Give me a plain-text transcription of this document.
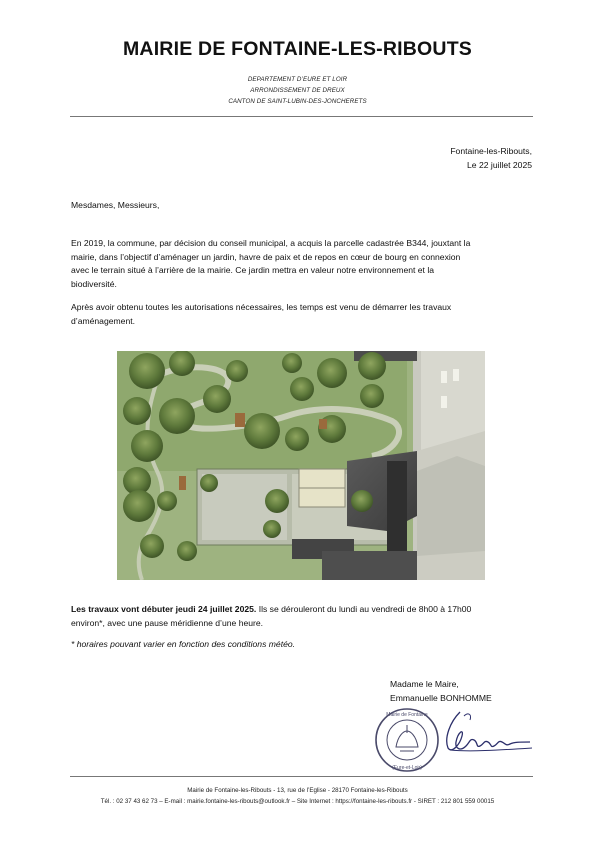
MAIRIE DE FONTAINE-LES-RIBOUTS
DEPARTEMENT D’EURE ET LOIR
ARRONDISSEMENT DE DREUX
CANTON DE SAINT-LUBIN-DES-JONCHERETS
Fontaine-les-Ribouts,
Le 22 juillet 2025
Mesdames, Messieurs,
En 2019, la commune, par décision du conseil municipal, a acquis la parcelle cadastrée B344, jouxtant la
mairie, dans l’objectif d’aménager un jardin, havre de paix et de repos en cœur de bourg en connexion
avec le terrain situé à l’arrière de la mairie. Ce jardin mettra en valeur notre environnement et la
biodiversité.
Après avoir obtenu toutes les autorisations nécessaires, les temps est venu de démarrer les travaux
d’aménagement.
Les travaux vont débuter jeudi 24 juillet 2025. Ils se dérouleront du lundi au vendredi de 8h00 à 17h00
environ*, avec une pause méridienne d’une heure.
* horaires pouvant varier en fonction des conditions météo.
Madame le Maire,
Emmanuelle BONHOMME
Mairie de Fontaine
(Eure-et-Loir)
Mairie de Fontaine-les-Ribouts - 13, rue de l’Eglise - 28170 Fontaine-les-Ribouts
Tél. : 02 37 43 62 73 – E-mail : mairie.fontaine-les-ribouts@outlook.fr – Site Internet : https://fontaine-les-ribouts.fr - SIRET : 212 801 559 00015
